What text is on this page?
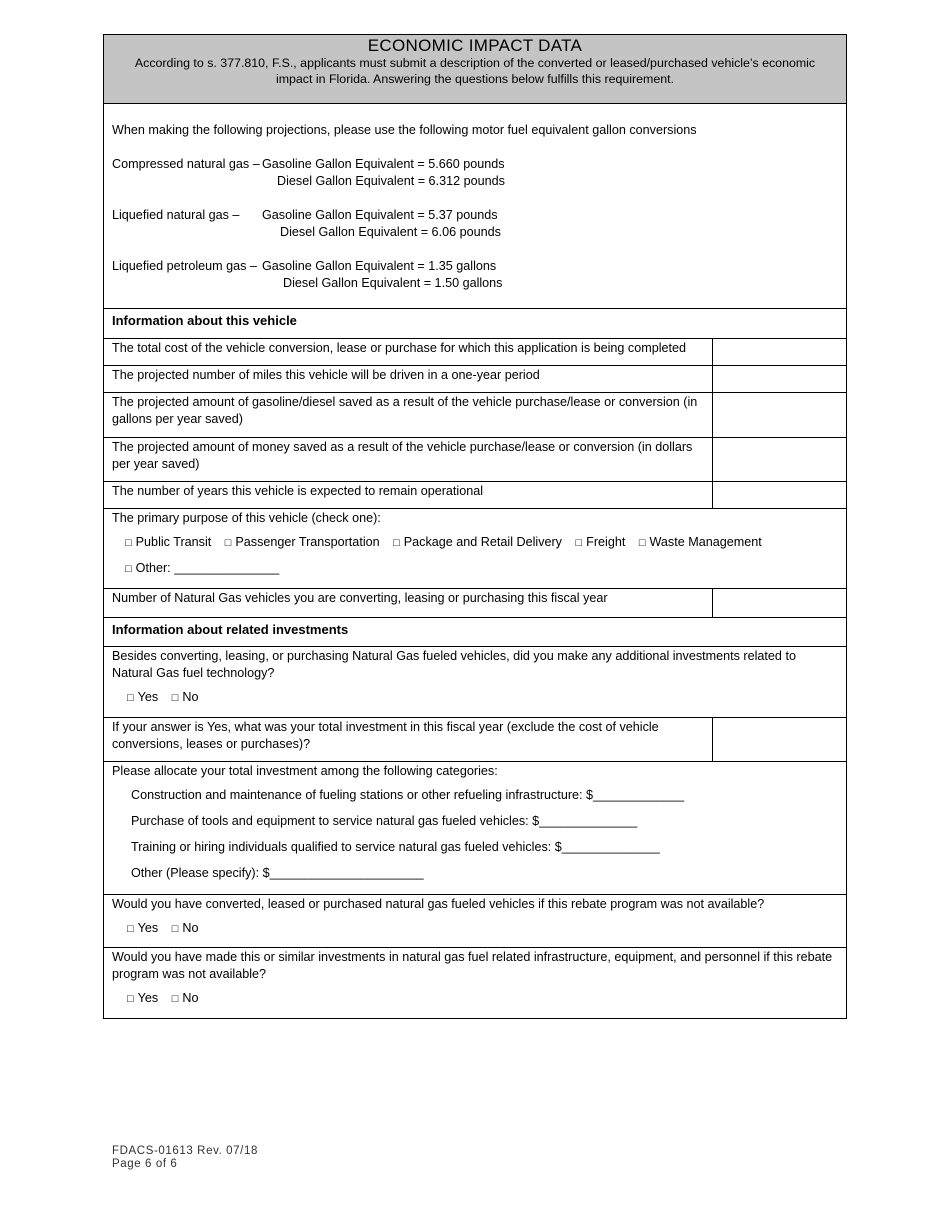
ECONOMIC IMPACT DATA
According to s. 377.810, F.S., applicants must submit a description of the converted or leased/purchased vehicle’s economic impact in Florida. Answering the questions below fulfills this requirement.
When making the following projections, please use the following motor fuel equivalent gallon conversions
Compressed natural gas – Gasoline Gallon Equivalent = 5.660 pounds
Diesel Gallon Equivalent = 6.312 pounds
Liquefied natural gas –	Gasoline Gallon Equivalent = 5.37 pounds
Diesel Gallon Equivalent = 6.06 pounds
Liquefied petroleum gas – Gasoline Gallon Equivalent = 1.35 gallons
Diesel Gallon Equivalent = 1.50 gallons
Information about this vehicle
The total cost of the vehicle conversion, lease or purchase for which this application is being completed
The projected number of miles this vehicle will be driven in a one-year period
The projected amount of gasoline/diesel saved as a result of the vehicle purchase/lease or conversion (in gallons per year saved)
The projected amount of money saved as a result of the vehicle purchase/lease or conversion (in dollars per year saved)
The number of years this vehicle is expected to remain operational
The primary purpose of this vehicle (check one):
□ Public Transit □ Passenger Transportation □ Package and Retail Delivery □ Freight □ Waste Management
□ Other: _______________
Number of Natural Gas vehicles you are converting, leasing or purchasing this fiscal year
Information about related investments
Besides converting, leasing, or purchasing Natural Gas fueled vehicles, did you make any additional investments related to Natural Gas fuel technology?
□ Yes □ No
If your answer is Yes, what was your total investment in this fiscal year (exclude the cost of vehicle conversions, leases or purchases)?
Please allocate your total investment among the following categories:
Construction and maintenance of fueling stations or other refueling infrastructure: $_____________
Purchase of tools and equipment to service natural gas fueled vehicles: $______________
Training or hiring individuals qualified to service natural gas fueled vehicles: $______________
Other (Please specify): $______________________
Would you have converted, leased or purchased natural gas fueled vehicles if this rebate program was not available?
□ Yes □ No
Would you have made this or similar investments in natural gas fuel related infrastructure, equipment, and personnel if this rebate program was not available?
□ Yes □ No
FDACS-01613 Rev. 07/18
Page 6 of 6
